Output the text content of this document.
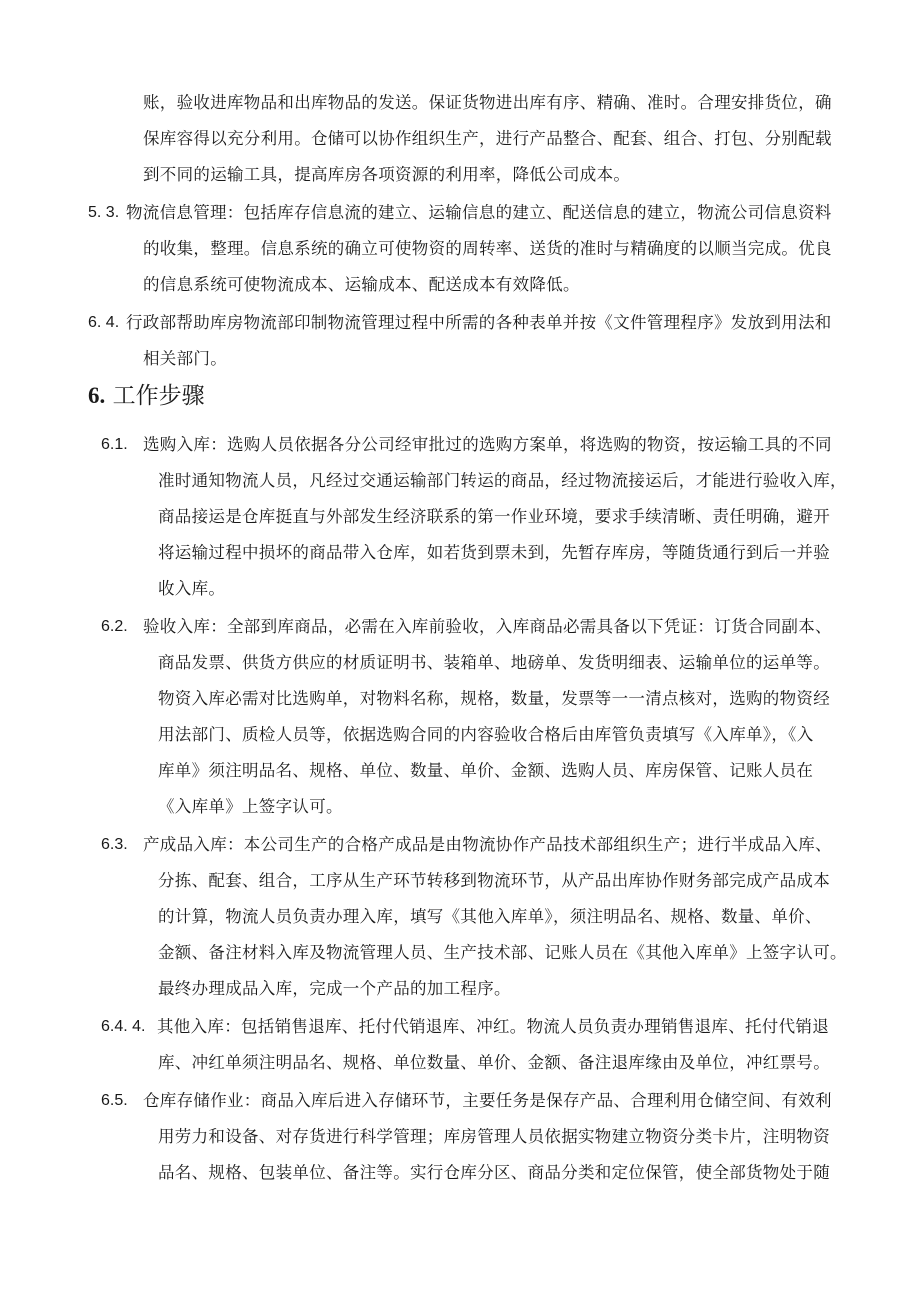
账，验收进库物品和出库物品的发送。保证货物进出库有序、精确、准时。合理安排货位，确
保库容得以充分利用。仓储可以协作组织生产，进行产品整合、配套、组合、打包、分别配载
到不同的运输工具，提高库房各项资源的利用率，降低公司成本。
5. 3. 物流信息管理：包括库存信息流的建立、运输信息的建立、配送信息的建立，物流公司信息资料
的收集，整理。信息系统的确立可使物资的周转率、送货的准时与精确度的以顺当完成。优良
的信息系统可使物流成本、运输成本、配送成本有效降低。
6. 4. 行政部帮助库房物流部印制物流管理过程中所需的各种表单并按《文件管理程序》发放到用法和
相关部门。
6. 工作步骤
6.1. 选购入库：选购人员依据各分公司经审批过的选购方案单，将选购的物资，按运输工具的不同
准时通知物流人员，凡经过交通运输部门转运的商品，经过物流接运后，才能进行验收入库，
商品接运是仓库挺直与外部发生经济联系的第一作业环境，要求手续清晰、责任明确，避开
将运输过程中损坏的商品带入仓库，如若货到票未到，先暂存库房，等随货通行到后一并验
收入库。
6.2. 验收入库：全部到库商品，必需在入库前验收，入库商品必需具备以下凭证：订货合同副本、
商品发票、供货方供应的材质证明书、装箱单、地磅单、发货明细表、运输单位的运单等。
物资入库必需对比选购单，对物料名称，规格，数量，发票等一一清点核对，选购的物资经
用法部门、质检人员等，依据选购合同的内容验收合格后由库管负责填写《入库单》，《入
库单》须注明品名、规格、单位、数量、单价、金额、选购人员、库房保管、记账人员在
《入库单》上签字认可。
6.3. 产成品入库：本公司生产的合格产成品是由物流协作产品技术部组织生产；进行半成品入库、
分拣、配套、组合，工序从生产环节转移到物流环节，从产品出库协作财务部完成产品成本
的计算，物流人员负责办理入库，填写《其他入库单》，须注明品名、规格、数量、单价、
金额、备注材料入库及物流管理人员、生产技术部、记账人员在《其他入库单》上签字认可。
最终办理成品入库，完成一个产品的加工程序。
6.4. 4. 其他入库：包括销售退库、托付代销退库、冲红。物流人员负责办理销售退库、托付代销退
库、冲红单须注明品名、规格、单位数量、单价、金额、备注退库缘由及单位，冲红票号。
6.5. 仓库存储作业：商品入库后进入存储环节，主要任务是保存产品、合理利用仓储空间、有效利
用劳力和设备、对存货进行科学管理；库房管理人员依据实物建立物资分类卡片，注明物资
品名、规格、包装单位、备注等。实行仓库分区、商品分类和定位保管，使全部货物处于随
